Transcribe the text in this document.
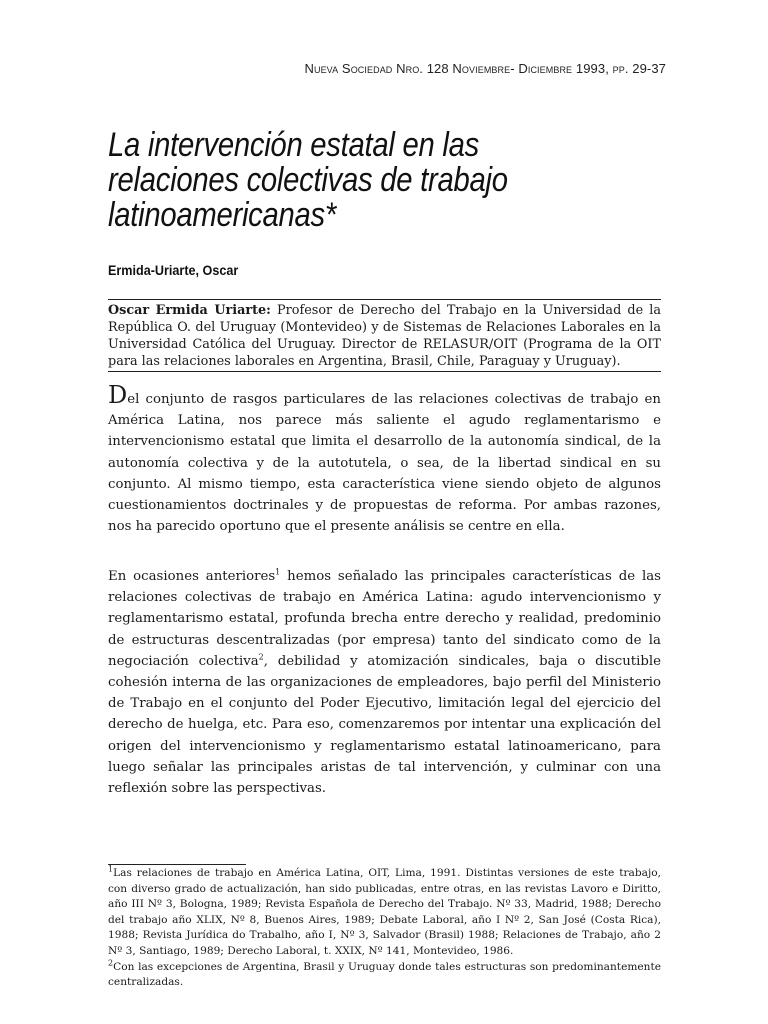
Nueva Sociedad Nro. 128 Noviembre- Diciembre 1993, pp. 29-37
La intervención estatal en las relaciones colectivas de trabajo latinoamericanas*
Ermida-Uriarte, Oscar
Oscar Ermida Uriarte: Profesor de Derecho del Trabajo en la Universidad de la República O. del Uruguay (Montevideo) y de Sistemas de Relaciones Laborales en la Universidad Católica del Uruguay. Director de RELASUR/OIT (Programa de la OIT para las relaciones laborales en Argentina, Brasil, Chile, Paraguay y Uruguay).
Del conjunto de rasgos particulares de las relaciones colectivas de trabajo en América Latina, nos parece más saliente el agudo reglamentarismo e intervencionismo estatal que limita el desarrollo de la autonomía sindical, de la autonomía colectiva y de la autotutela, o sea, de la libertad sindical en su conjunto. Al mismo tiempo, esta característica viene siendo objeto de algunos cuestionamientos doctrinales y de propuestas de reforma. Por ambas razones, nos ha parecido oportuno que el presente análisis se centre en ella.
En ocasiones anteriores$^1$ hemos señalado las principales características de las relaciones colectivas de trabajo en América Latina: agudo intervencionismo y reglamentarismo estatal, profunda brecha entre derecho y realidad, predominio de estructuras descentralizadas (por empresa) tanto del sindicato como de la negociación colectiva$^2$, debilidad y atomización sindicales, baja o discutible cohesión interna de las organizaciones de empleadores, bajo perfil del Ministerio de Trabajo en el conjunto del Poder Ejecutivo, limitación legal del ejercicio del derecho de huelga, etc. Para eso, comenzaremos por intentar una explicación del origen del intervencionismo y reglamentarismo estatal latinoamericano, para luego señalar las principales aristas de tal intervención, y culminar con una reflexión sobre las perspectivas.

$^1$Las relaciones de trabajo en América Latina, OIT, Lima, 1991. Distintas versiones de este trabajo, con diverso grado de actualización, han sido publicadas, entre otras, en las revistas Lavoro e Diritto, año III Nº 3, Bologna, 1989; Revista Española de Derecho del Trabajo. Nº 33, Madrid, 1988; Derecho del trabajo año XLIX, Nº 8, Buenos Aires, 1989; Debate Laboral, año I Nº 2, San José (Costa Rica), 1988; Revista Jurídica do Trabalho, año I, Nº 3, Salvador (Brasil) 1988; Relaciones de Trabajo, año 2 Nº 3, Santiago, 1989; Derecho Laboral, t. XXIX, Nº 141, Montevideo, 1986.

$^2$Con las excepciones de Argentina, Brasil y Uruguay donde tales estructuras son predominantemente centralizadas.
